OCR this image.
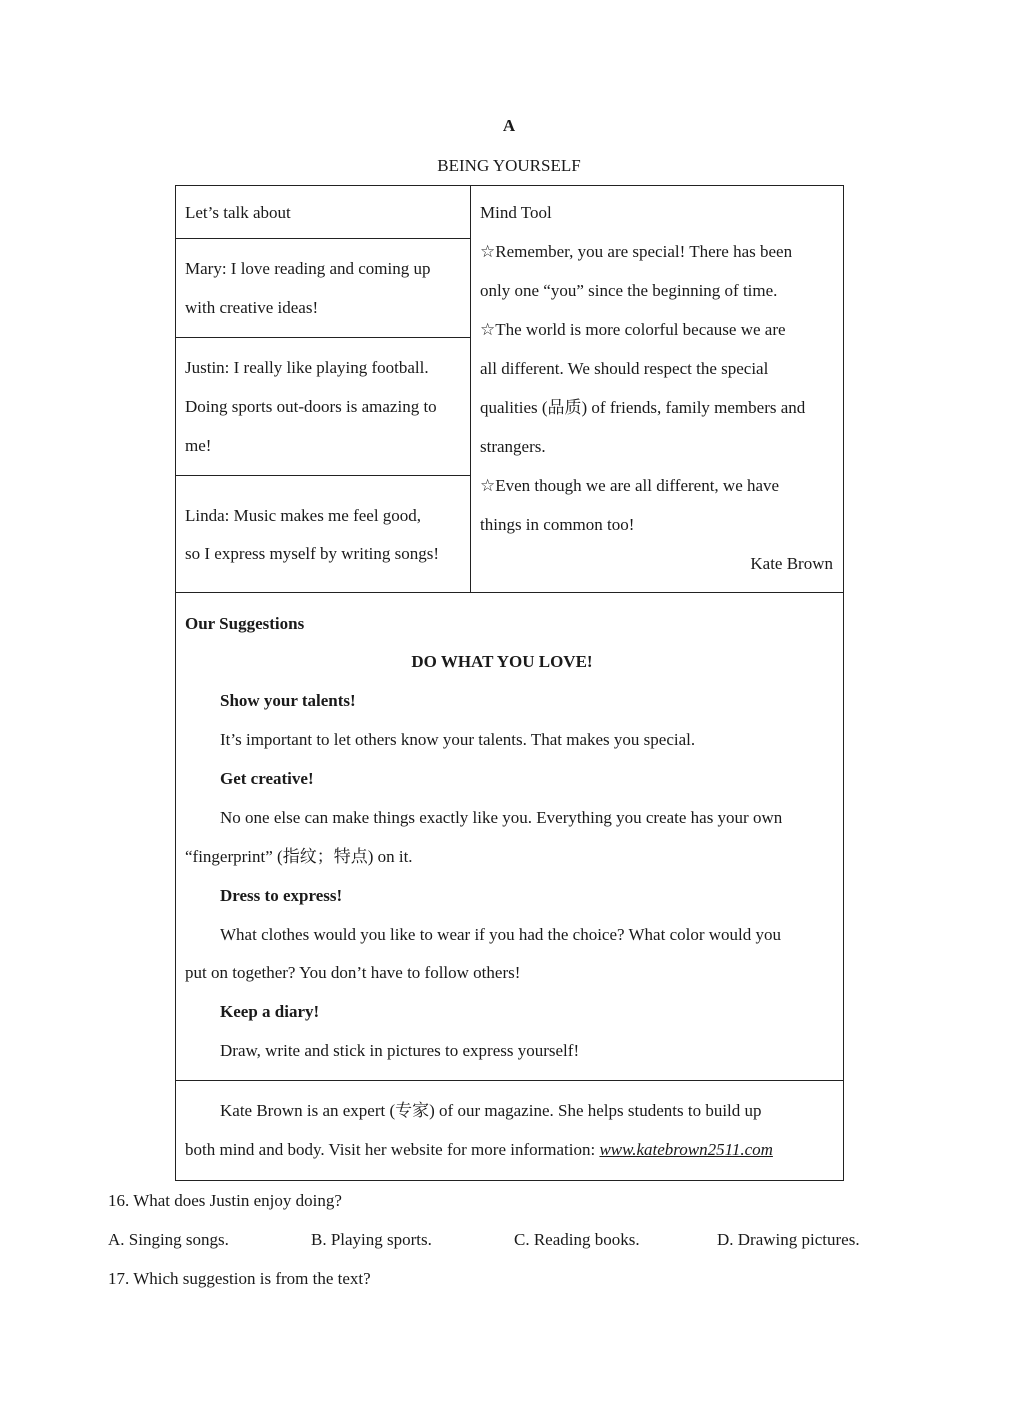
A
BEING YOURSELF
Let’s talk about
Mary: I love reading and coming up
with creative ideas!
Justin: I really like playing football.
Doing sports out-doors is amazing to
me!
Linda: Music makes me feel good,
so I express myself by writing songs!
Mind Tool
☆Remember, you are special! There has been
only one “you” since the beginning of time.
☆The world is more colorful because we are
all different. We should respect the special
qualities (品质) of friends, family members and
strangers.
☆Even though we are all different, we have
things in common too!
Kate Brown
Our Suggestions
DO WHAT YOU LOVE!
Show your talents!
It’s important to let others know your talents. That makes you special.
Get creative!
No one else can make things exactly like you. Everything you create has your own
“fingerprint” (指纹；特点) on it.
Dress to express!
What clothes would you like to wear if you had the choice? What color would you
put on together? You don’t have to follow others!
Keep a diary!
Draw, write and stick in pictures to express yourself!
Kate Brown is an expert (专家) of our magazine. She helps students to build up
both mind and body. Visit her website for more information: www.katebrown2511.com
16. What does Justin enjoy doing?
A. Singing songs.	B. Playing sports.	C. Reading books.	D. Drawing pictures.
17. Which suggestion is from the text?
